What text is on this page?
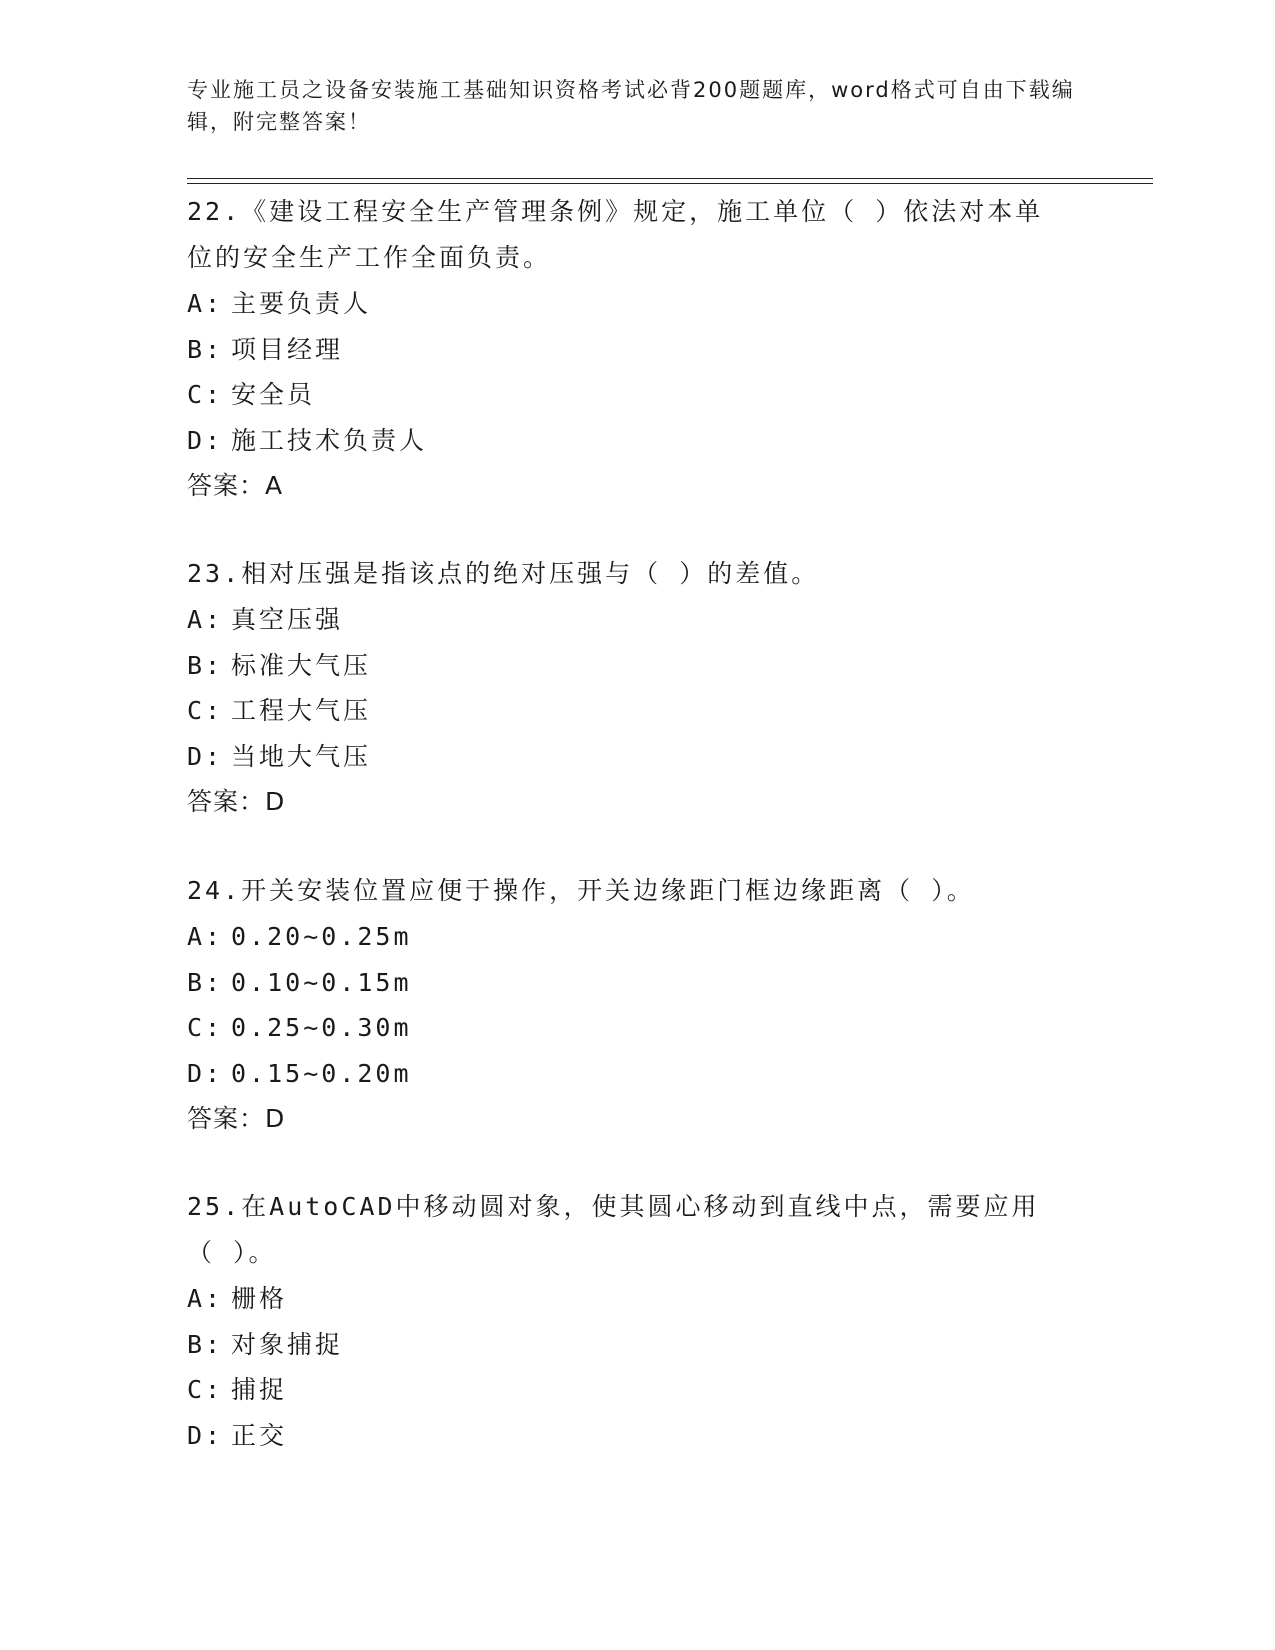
专业施工员之设备安装施工基础知识资格考试必背200题题库，word格式可自由下载编辑，附完整答案！
22.《建设工程安全生产管理条例》规定，施工单位（ ）依法对本单位的安全生产工作全面负责。
A: 主要负责人
B: 项目经理
C: 安全员
D: 施工技术负责人
答案：A
23.相对压强是指该点的绝对压强与（ ）的差值。
A: 真空压强
B: 标准大气压
C: 工程大气压
D: 当地大气压
答案：D
24.开关安装位置应便于操作，开关边缘距门框边缘距离（ ）。
A: 0.20~0.25m
B: 0.10~0.15m
C: 0.25~0.30m
D: 0.15~0.20m
答案：D
25.在AutoCAD中移动圆对象，使其圆心移动到直线中点，需要应用（ ）。
A: 栅格
B: 对象捕捉
C: 捕捉
D: 正交
